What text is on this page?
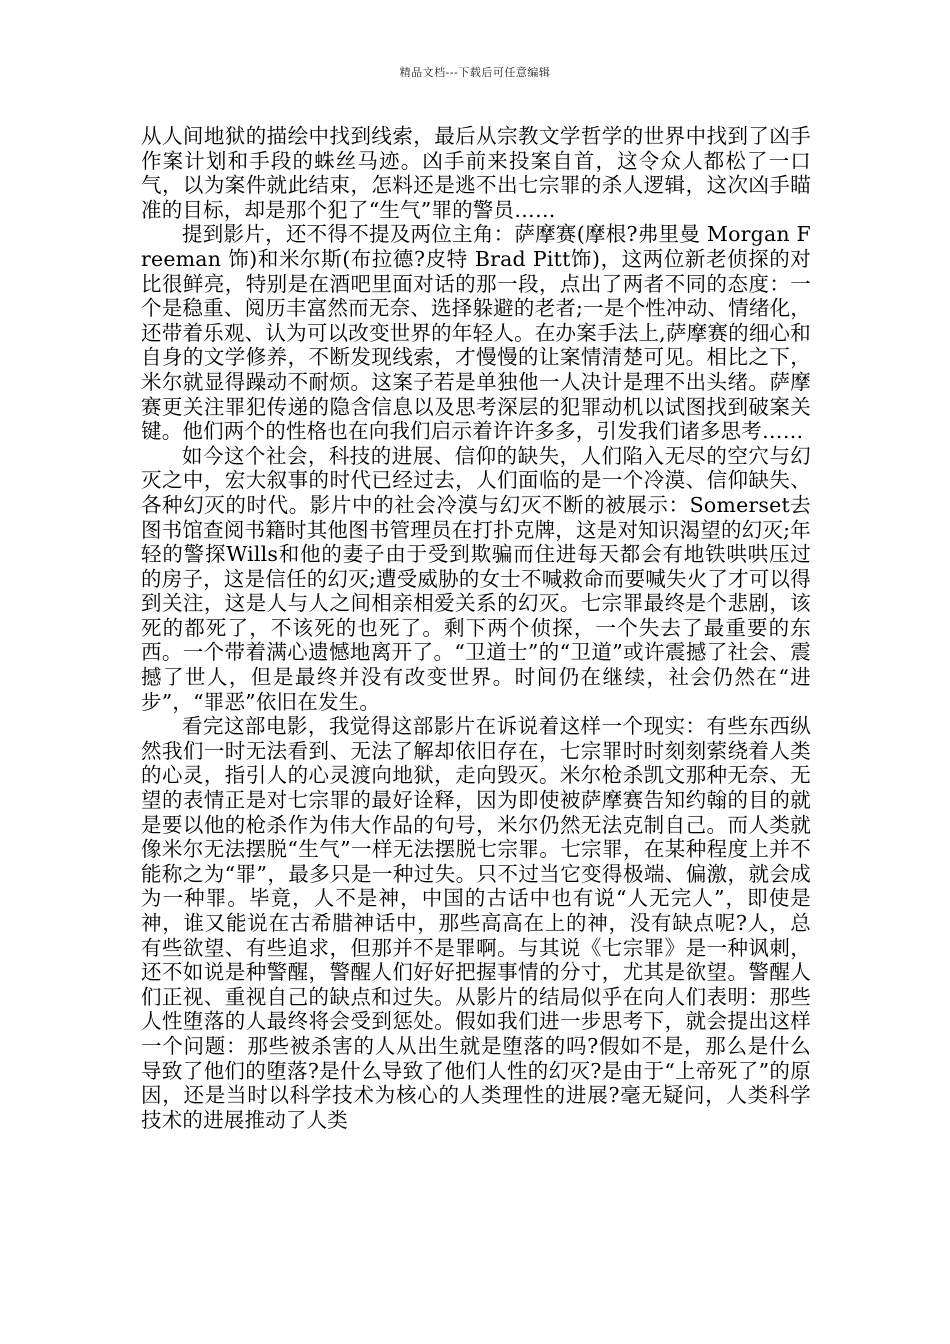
精品文档---下载后可任意编辑

从人间地狱的描绘中找到线索，最后从宗教文学哲学的世界中找到了凶手作案计划和手段的蛛丝马迹。凶手前来投案自首，这令众人都松了一口气，以为案件就此结束，怎料还是逃不出七宗罪的杀人逻辑，这次凶手瞄准的目标，却是那个犯了“生气”罪的警员……

提到影片，还不得不提及两位主角：萨摩赛(摩根?弗里曼 Morgan Freeman 饰)和米尔斯(布拉德?皮特 Brad Pitt饰)，这两位新老侦探的对比很鲜亮，特别是在酒吧里面对话的那一段，点出了两者不同的态度：一个是稳重、阅历丰富然而无奈、选择躲避的老者;一是个性冲动、情绪化，还带着乐观、认为可以改变世界的年轻人。在办案手法上,萨摩赛的细心和自身的文学修养，不断发现线索，才慢慢的让案情清楚可见。相比之下，米尔就显得躁动不耐烦。这案子若是单独他一人决计是理不出头绪。萨摩赛更关注罪犯传递的隐含信息以及思考深层的犯罪动机以试图找到破案关键。他们两个的性格也在向我们启示着许许多多，引发我们诸多思考……

如今这个社会，科技的进展、信仰的缺失，人们陷入无尽的空穴与幻灭之中，宏大叙事的时代已经过去，人们面临的是一个冷漠、信仰缺失、各种幻灭的时代。影片中的社会冷漠与幻灭不断的被展示：Somerset去图书馆查阅书籍时其他图书管理员在打扑克牌，这是对知识渴望的幻灭;年轻的警探Wills和他的妻子由于受到欺骗而住进每天都会有地铁哄哄压过的房子，这是信任的幻灭;遭受威胁的女士不喊救命而要喊失火了才可以得到关注，这是人与人之间相亲相爱关系的幻灭。七宗罪最终是个悲剧，该死的都死了，不该死的也死了。剩下两个侦探，一个失去了最重要的东西。一个带着满心遗憾地离开了。“卫道士”的“卫道”或许震撼了社会、震撼了世人，但是最终并没有改变世界。时间仍在继续，社会仍然在“进步”，“罪恶”依旧在发生。

看完这部电影，我觉得这部影片在诉说着这样一个现实：有些东西纵然我们一时无法看到、无法了解却依旧存在，七宗罪时时刻刻萦绕着人类的心灵，指引人的心灵渡向地狱，走向毁灭。米尔枪杀凯文那种无奈、无望的表情正是对七宗罪的最好诠释，因为即使被萨摩赛告知约翰的目的就是要以他的枪杀作为伟大作品的句号，米尔仍然无法克制自己。而人类就像米尔无法摆脱“生气”一样无法摆脱七宗罪。七宗罪，在某种程度上并不能称之为“罪”，最多只是一种过失。只不过当它变得极端、偏激，就会成为一种罪。毕竟，人不是神，中国的古话中也有说“人无完人”，即使是神，谁又能说在古希腊神话中，那些高高在上的神，没有缺点呢?人，总有些欲望、有些追求，但那并不是罪啊。与其说《七宗罪》是一种讽刺，还不如说是种警醒，警醒人们好好把握事情的分寸，尤其是欲望。警醒人们正视、重视自己的缺点和过失。从影片的结局似乎在向人们表明：那些人性堕落的人最终将会受到惩处。假如我们进一步思考下，就会提出这样一个问题：那些被杀害的人从出生就是堕落的吗?假如不是，那么是什么导致了他们的堕落?是什么导致了他们人性的幻灭?是由于“上帝死了”的原因，还是当时以科学技术为核心的人类理性的进展?毫无疑问，人类科学技术的进展推动了人类
